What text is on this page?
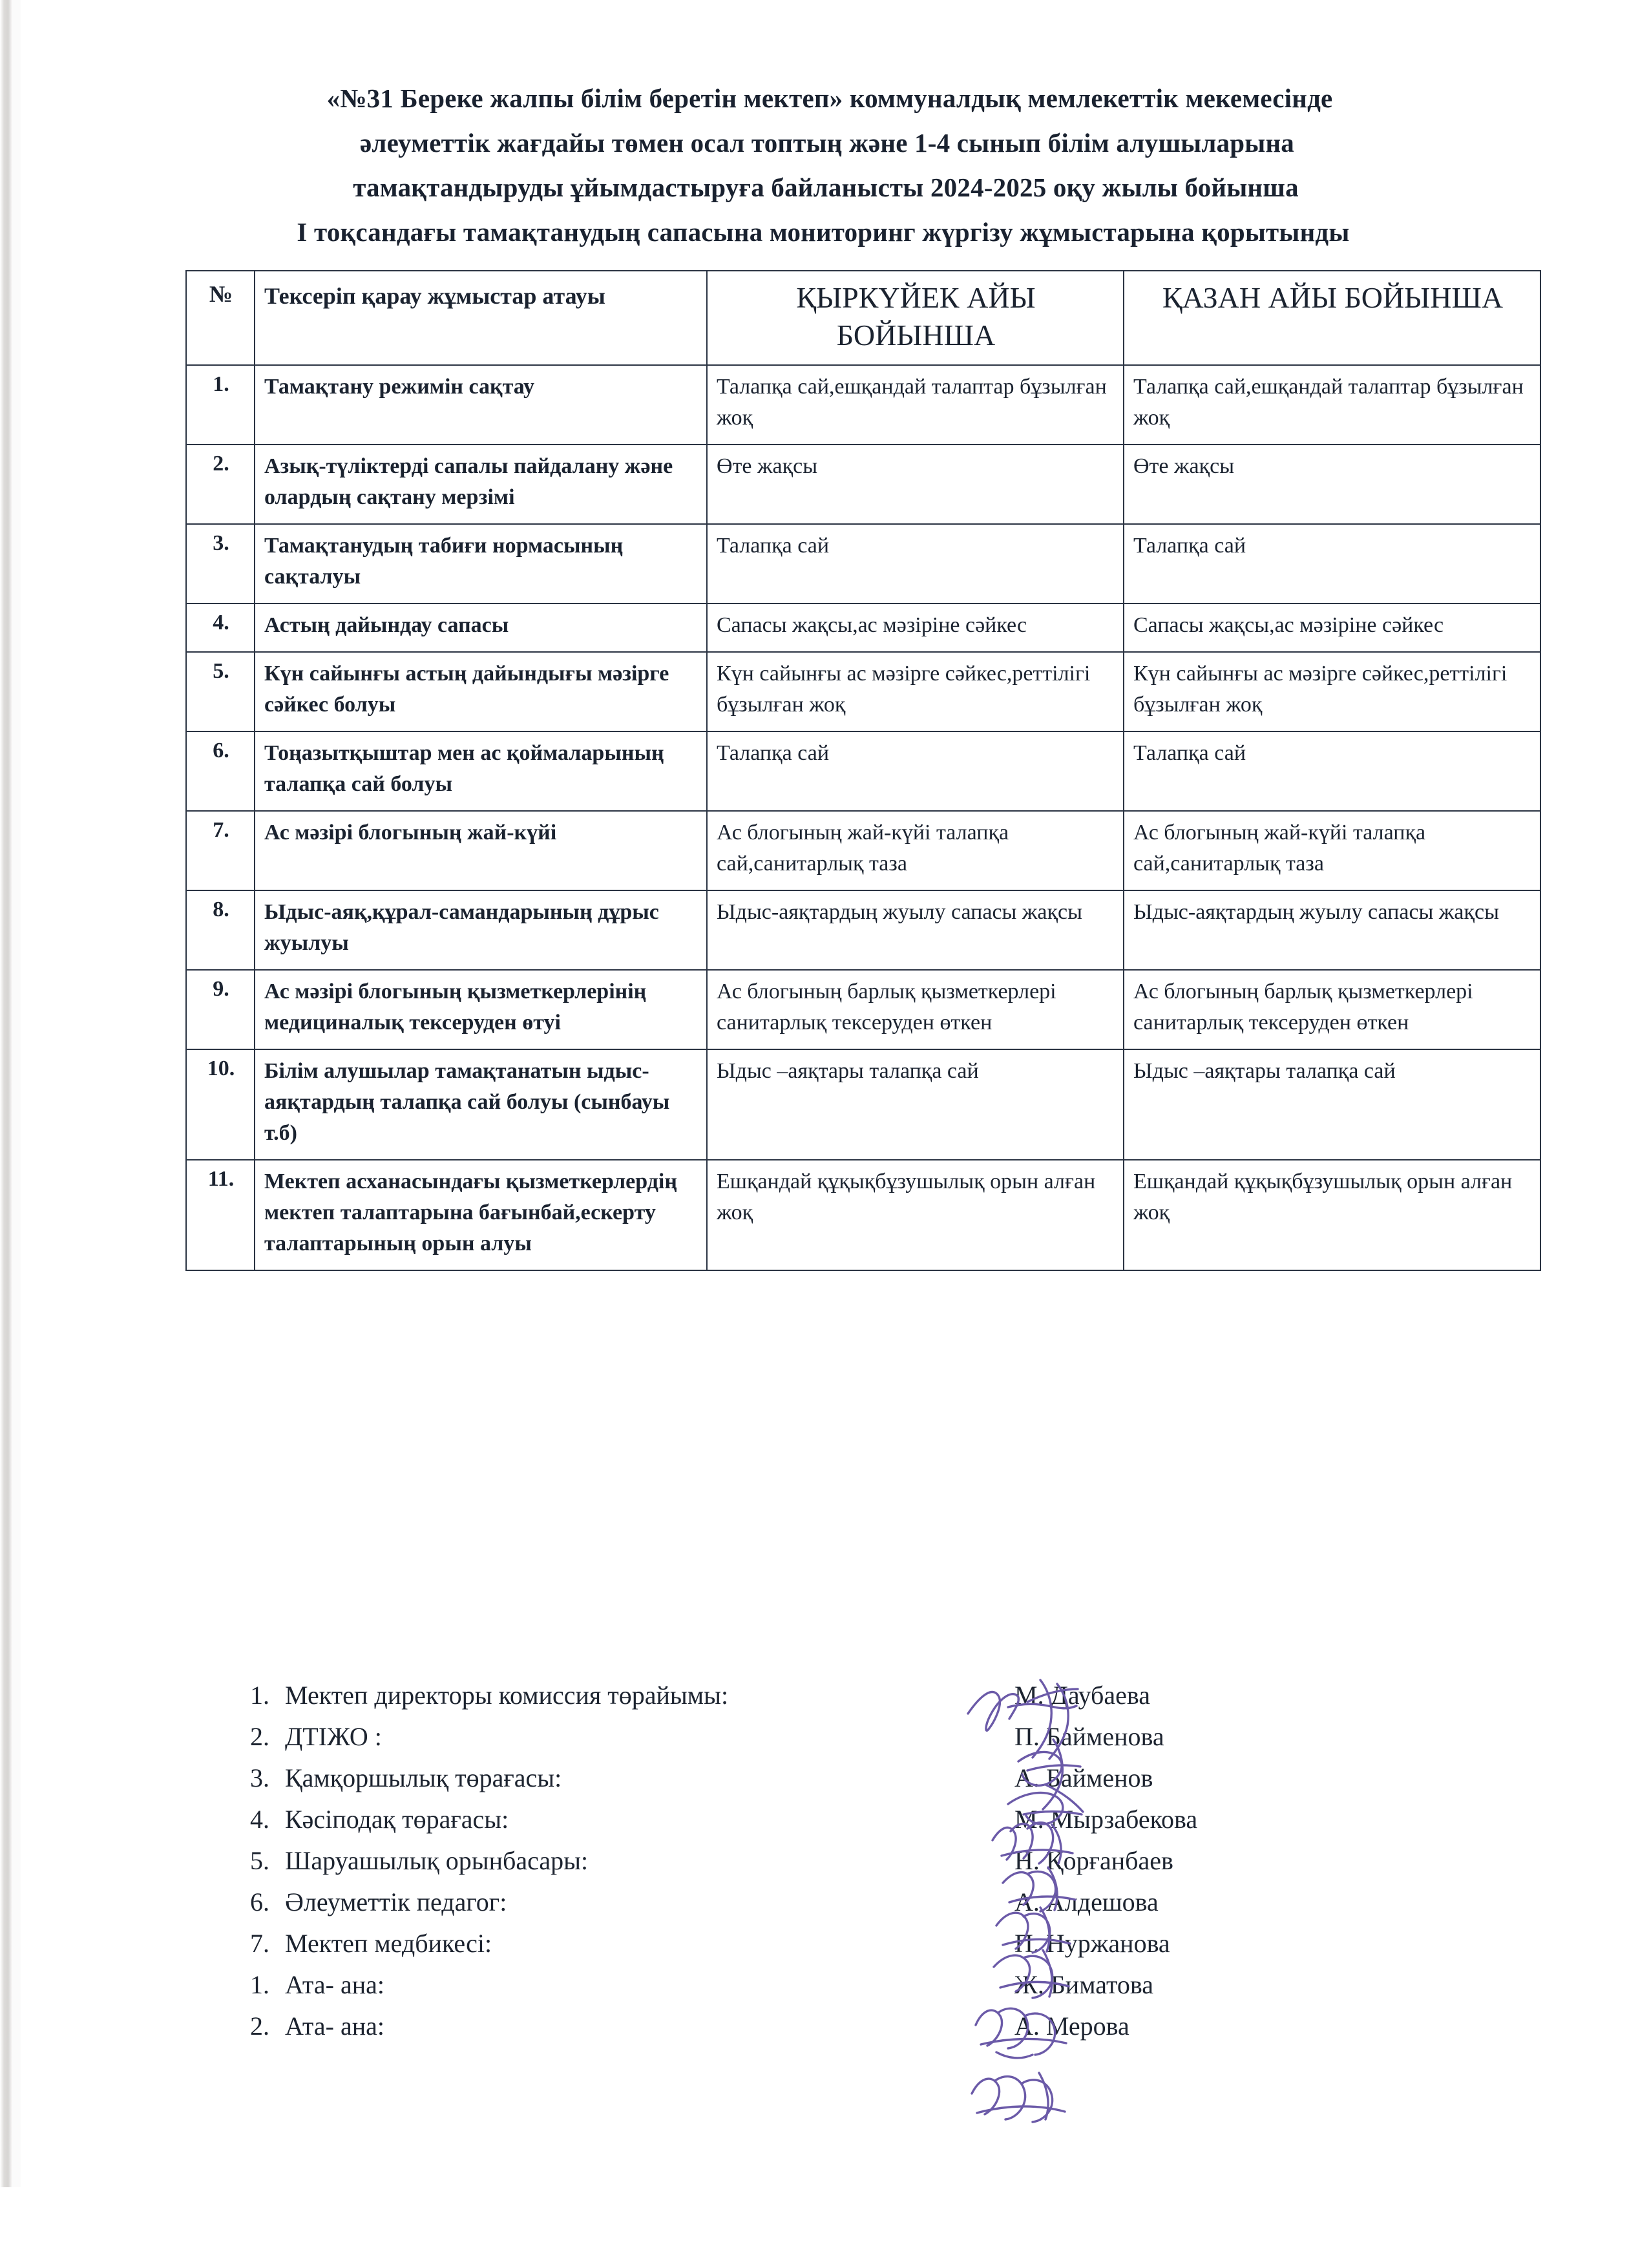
«№31 Береке жалпы білім беретін мектеп» коммуналдық мемлекеттік мекемесінде
әлеуметтік жағдайы төмен осал топтың және 1-4 сынып білім алушыларына
тамақтандыруды ұйымдастыруға байланысты 2024-2025 оқу жылы бойынша
I тоқсандағы тамақтанудың сапасына мониторинг жүргізу жұмыстарына қорытынды
№	Тексеріп қарау жұмыстар атауы	ҚЫРКҮЙЕК АЙЫ БОЙЫНША	ҚАЗАН АЙЫ БОЙЫНША
1.	Тамақтану режимін сақтау	Талапқа сай,ешқандай талаптар бұзылған жоқ	Талапқа сай,ешқандай талаптар бұзылған жоқ
2.	Азық-түліктерді сапалы пайдалану және олардың сақтану мерзімі	Өте жақсы	Өте жақсы
3.	Тамақтанудың табиғи нормасының сақталуы	Талапқа сай	Талапқа сай
4.	Астың дайындау сапасы	Сапасы жақсы,ас мәзіріне сәйкес	Сапасы жақсы,ас мәзіріне сәйкес
5.	Күн сайынғы астың дайындығы мәзірге сәйкес болуы	Күн сайынғы ас мәзірге сәйкес,реттілігі бұзылған жоқ	Күн сайынғы ас мәзірге сәйкес,реттілігі бұзылған жоқ
6.	Тоңазытқыштар мен ас қоймаларының талапқа сай болуы	Талапқа сай	Талапқа сай
7.	Ас мәзірі блогының жай-күйі	Ас блогының жай-күйі талапқа сай,санитарлық таза	Ас блогының жай-күйі талапқа сай,санитарлық таза
8.	Ыдыс-аяқ,құрал-самандарының дұрыс жуылуы	Ыдыс-аяқтардың жуылу сапасы жақсы	Ыдыс-аяқтардың жуылу сапасы жақсы
9.	Ас мәзірі блогының қызметкерлерінің медициналық тексеруден өтуі	Ас блогының барлық қызметкерлері санитарлық тексеруден өткен	Ас блогының барлық қызметкерлері санитарлық тексеруден өткен
10.	Білім алушылар тамақтанатын ыдыс-аяқтардың талапқа сай болуы (сынбауы т.б)	Ыдыс –аяқтары талапқа сай	Ыдыс –аяқтары талапқа сай
11.	Мектеп асханасындағы қызметкерлердің мектеп талаптарына бағынбай,ескерту талаптарының орын алуы	Ешқандай құқықбұзушылық орын алған жоқ	Ешқандай құқықбұзушылық орын алған жоқ
1. Мектеп директоры комиссия төрайымы:	М. Даубаева
2. ДТІЖО :	П. Байменова
3. Қамқоршылық төрағасы:	А. Байменов
4. Кәсіподақ төрағасы:	М. Мырзабекова
5. Шаруашылық орынбасары:	Н. Қорғанбаев
6. Әлеуметтік педагог:	А. Алдешова
7. Мектеп медбикесі:	П. Нуржанова
1. Ата- ана:	Ж. Биматова
2. Ата- ана:	А. Мерова
